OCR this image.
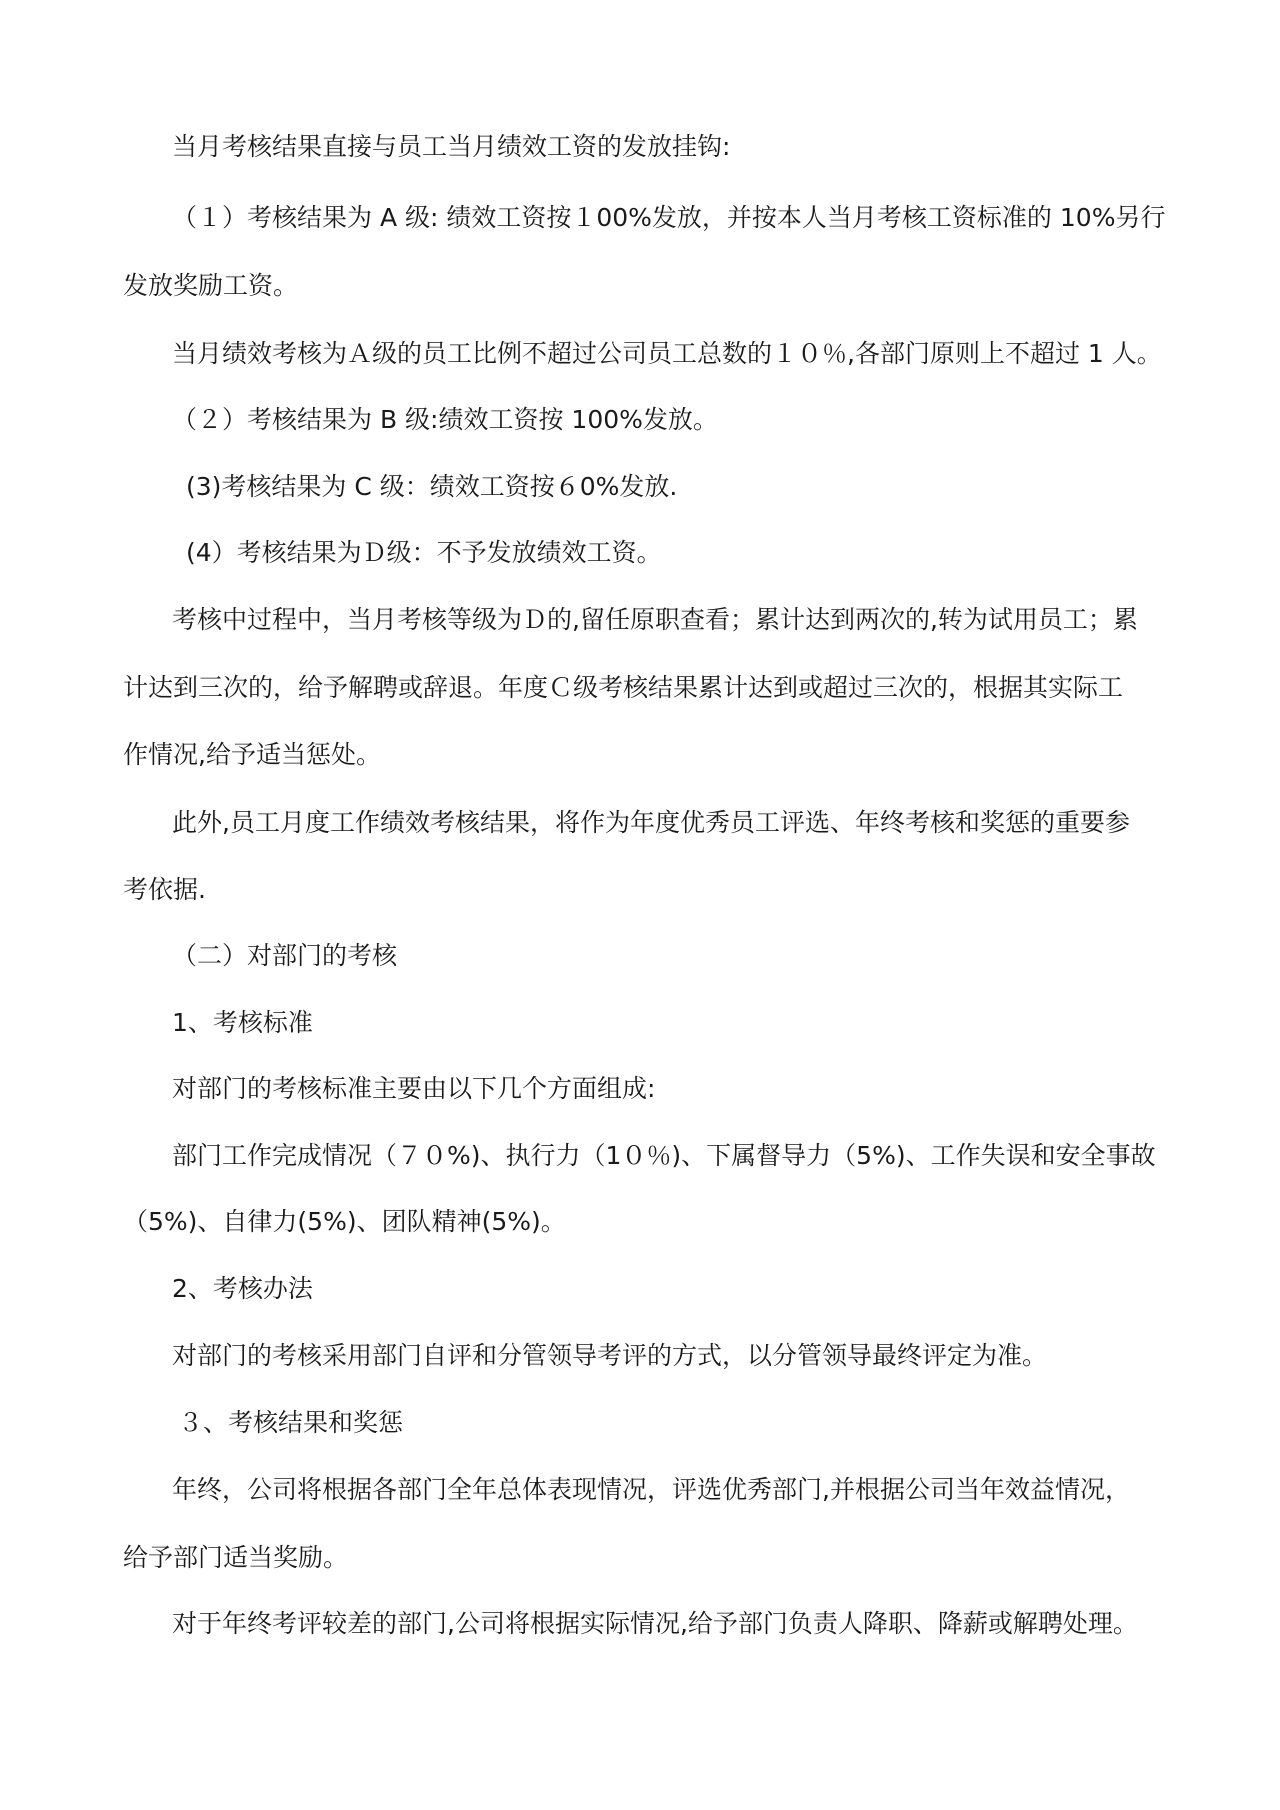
当月考核结果直接与员工当月绩效工资的发放挂钩:
（１）考核结果为 A 级: 绩效工资按１00%发放，并按本人当月考核工资标准的 10%另行
发放奖励工资。
当月绩效考核为Ａ级的员工比例不超过公司员工总数的１０％,各部门原则上不超过 1 人。
（２）考核结果为 B 级:绩效工资按 100%发放。
(3)考核结果为 C 级：绩效工资按６0%发放.
(4）考核结果为Ｄ级：不予发放绩效工资。
考核中过程中，当月考核等级为Ｄ的,留任原职查看；累计达到两次的,转为试用员工；累
计达到三次的，给予解聘或辞退。年度Ｃ级考核结果累计达到或超过三次的，根据其实际工
作情况,给予适当惩处。
此外,员工月度工作绩效考核结果，将作为年度优秀员工评选、年终考核和奖惩的重要参
考依据.
（二）对部门的考核
1、考核标准
对部门的考核标准主要由以下几个方面组成:
部门工作完成情况（７０%)、执行力（1０％)、下属督导力（5%)、工作失误和安全事故
（5%)、自律力(5%)、团队精神(5%)。
2、考核办法
对部门的考核采用部门自评和分管领导考评的方式，以分管领导最终评定为准。
３、考核结果和奖惩
年终，公司将根据各部门全年总体表现情况，评选优秀部门,并根据公司当年效益情况，
给予部门适当奖励。
对于年终考评较差的部门,公司将根据实际情况,给予部门负责人降职、降薪或解聘处理。
